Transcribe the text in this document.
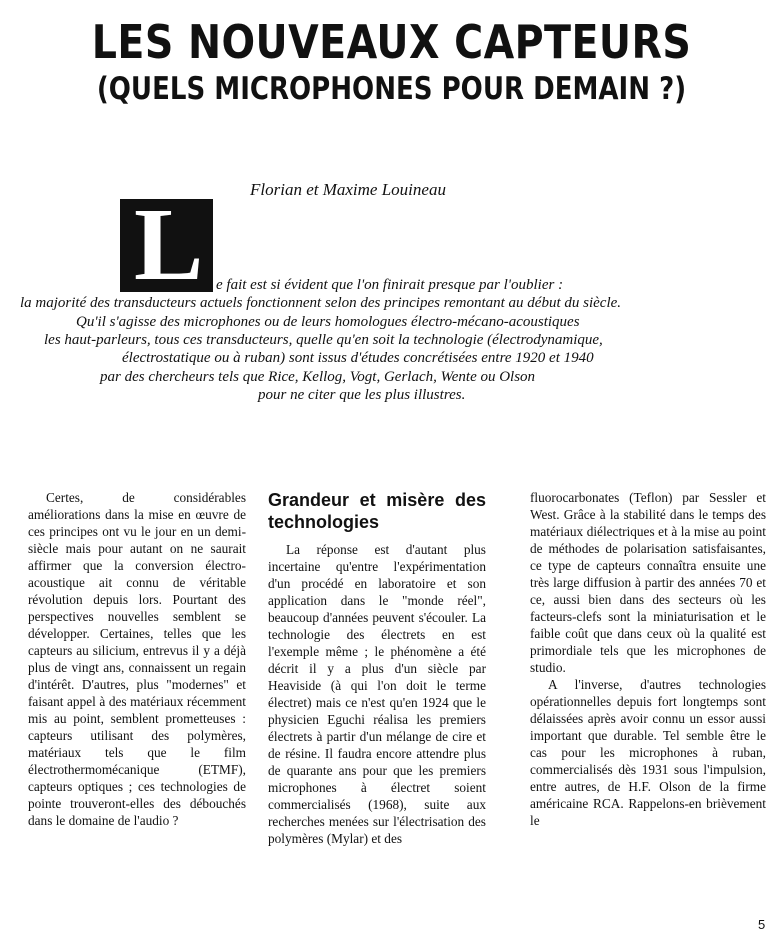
LES NOUVEAUX CAPTEURS
(QUELS MICROPHONES POUR DEMAIN ?)
Florian et Maxime Louineau
L e fait est si évident que l'on finirait presque par l'oublier :
la majorité des transducteurs actuels fonctionnent selon des principes remontant au début du siècle.
Qu'il s'agisse des microphones ou de leurs homologues électro-mécano-acoustiques
les haut-parleurs, tous ces transducteurs, quelle qu'en soit la technologie (électrodynamique,
électrostatique ou à ruban) sont issus d'études concrétisées entre 1920 et 1940
par des chercheurs tels que Rice, Kellog, Vogt, Gerlach, Wente ou Olson
pour ne citer que les plus illustres.

Certes, de considérables améliorations dans la mise en œuvre de ces principes ont vu le jour en un demi-siècle mais pour autant on ne saurait affirmer que la conversion électro-acoustique ait connu de véritable révolution depuis lors. Pourtant des perspectives nouvelles semblent se développer. Certaines, telles que les capteurs au silicium, entrevus il y a déjà plus de vingt ans, connaissent un regain d'intérêt. D'autres, plus "modernes" et faisant appel à des matériaux récemment mis au point, semblent prometteuses : capteurs utilisant des polymères, matériaux tels que le film électrothermomécanique (ETMF), capteurs optiques ; ces technologies de pointe trouveront-elles des débouchés dans le domaine de l'audio ?

Grandeur et misère des technologies

La réponse est d'autant plus incertaine qu'entre l'expérimentation d'un procédé en laboratoire et son application dans le "monde réel", beaucoup d'années peuvent s'écouler. La technologie des électrets en est l'exemple même ; le phénomène a été décrit il y a plus d'un siècle par Heaviside (à qui l'on doit le terme électret) mais ce n'est qu'en 1924 que le physicien Eguchi réalisa les premiers électrets à partir d'un mélange de cire et de résine. Il faudra encore attendre plus de quarante ans pour que les premiers microphones à électret soient commercialisés (1968), suite aux recherches menées sur l'électrisation des polymères (Mylar) et des

fluorocarbonates (Teflon) par Sessler et West. Grâce à la stabilité dans le temps des matériaux diélectriques et à la mise au point de méthodes de polarisation satisfaisantes, ce type de capteurs connaîtra ensuite une très large diffusion à partir des années 70 et ce, aussi bien dans des secteurs où les facteurs-clefs sont la miniaturisation et le faible coût que dans ceux où la qualité est primordiale tels que les microphones de studio.

A l'inverse, d'autres technologies opérationnelles depuis fort longtemps sont délaissées après avoir connu un essor aussi important que durable. Tel semble être le cas pour les microphones à ruban, commercialisés dès 1931 sous l'impulsion, entre autres, de H.F. Olson de la firme américaine RCA. Rappelons-en brièvement le

5
